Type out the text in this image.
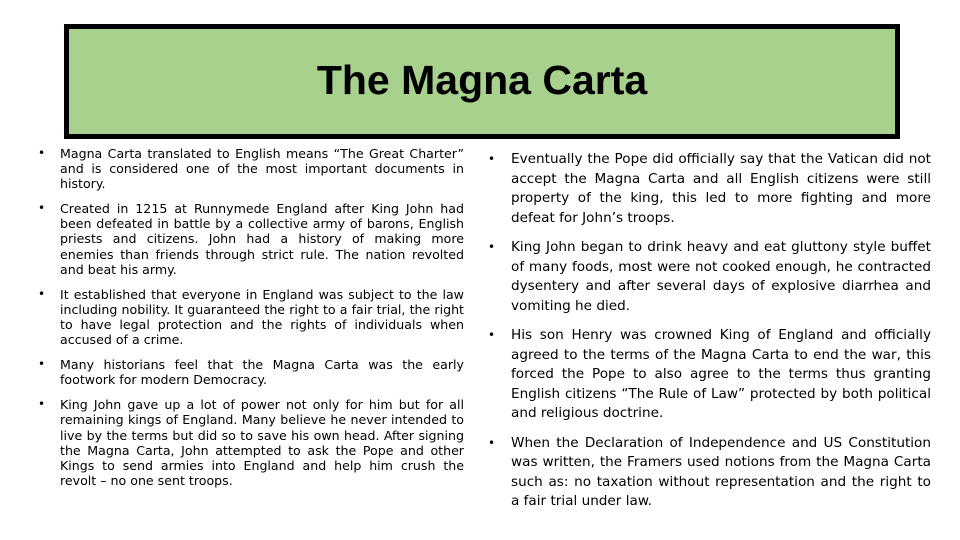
The Magna Carta
• Magna Carta translated to English means “The Great Charter” and is considered one of the most important documents in history.
• Created in 1215 at Runnymede England after King John had been defeated in battle by a collective army of barons, English priests and citizens. John had a history of making more enemies than friends through strict rule. The nation revolted and beat his army.
• It established that everyone in England was subject to the law including nobility. It guaranteed the right to a fair trial, the right to have legal protection and the rights of individuals when accused of a crime.
• Many historians feel that the Magna Carta was the early footwork for modern Democracy.
• King John gave up a lot of power not only for him but for all remaining kings of England. Many believe he never intended to live by the terms but did so to save his own head. After signing the Magna Carta, John attempted to ask the Pope and other Kings to send armies into England and help him crush the revolt – no one sent troops.
• Eventually the Pope did officially say that the Vatican did not accept the Magna Carta and all English citizens were still property of the king, this led to more fighting and more defeat for John’s troops.
• King John began to drink heavy and eat gluttony style buffet of many foods, most were not cooked enough, he contracted dysentery and after several days of explosive diarrhea and vomiting he died.
• His son Henry was crowned King of England and officially agreed to the terms of the Magna Carta to end the war, this forced the Pope to also agree to the terms thus granting English citizens “The Rule of Law” protected by both political and religious doctrine.
• When the Declaration of Independence and US Constitution was written, the Framers used notions from the Magna Carta such as: no taxation without representation and the right to a fair trial under law.
